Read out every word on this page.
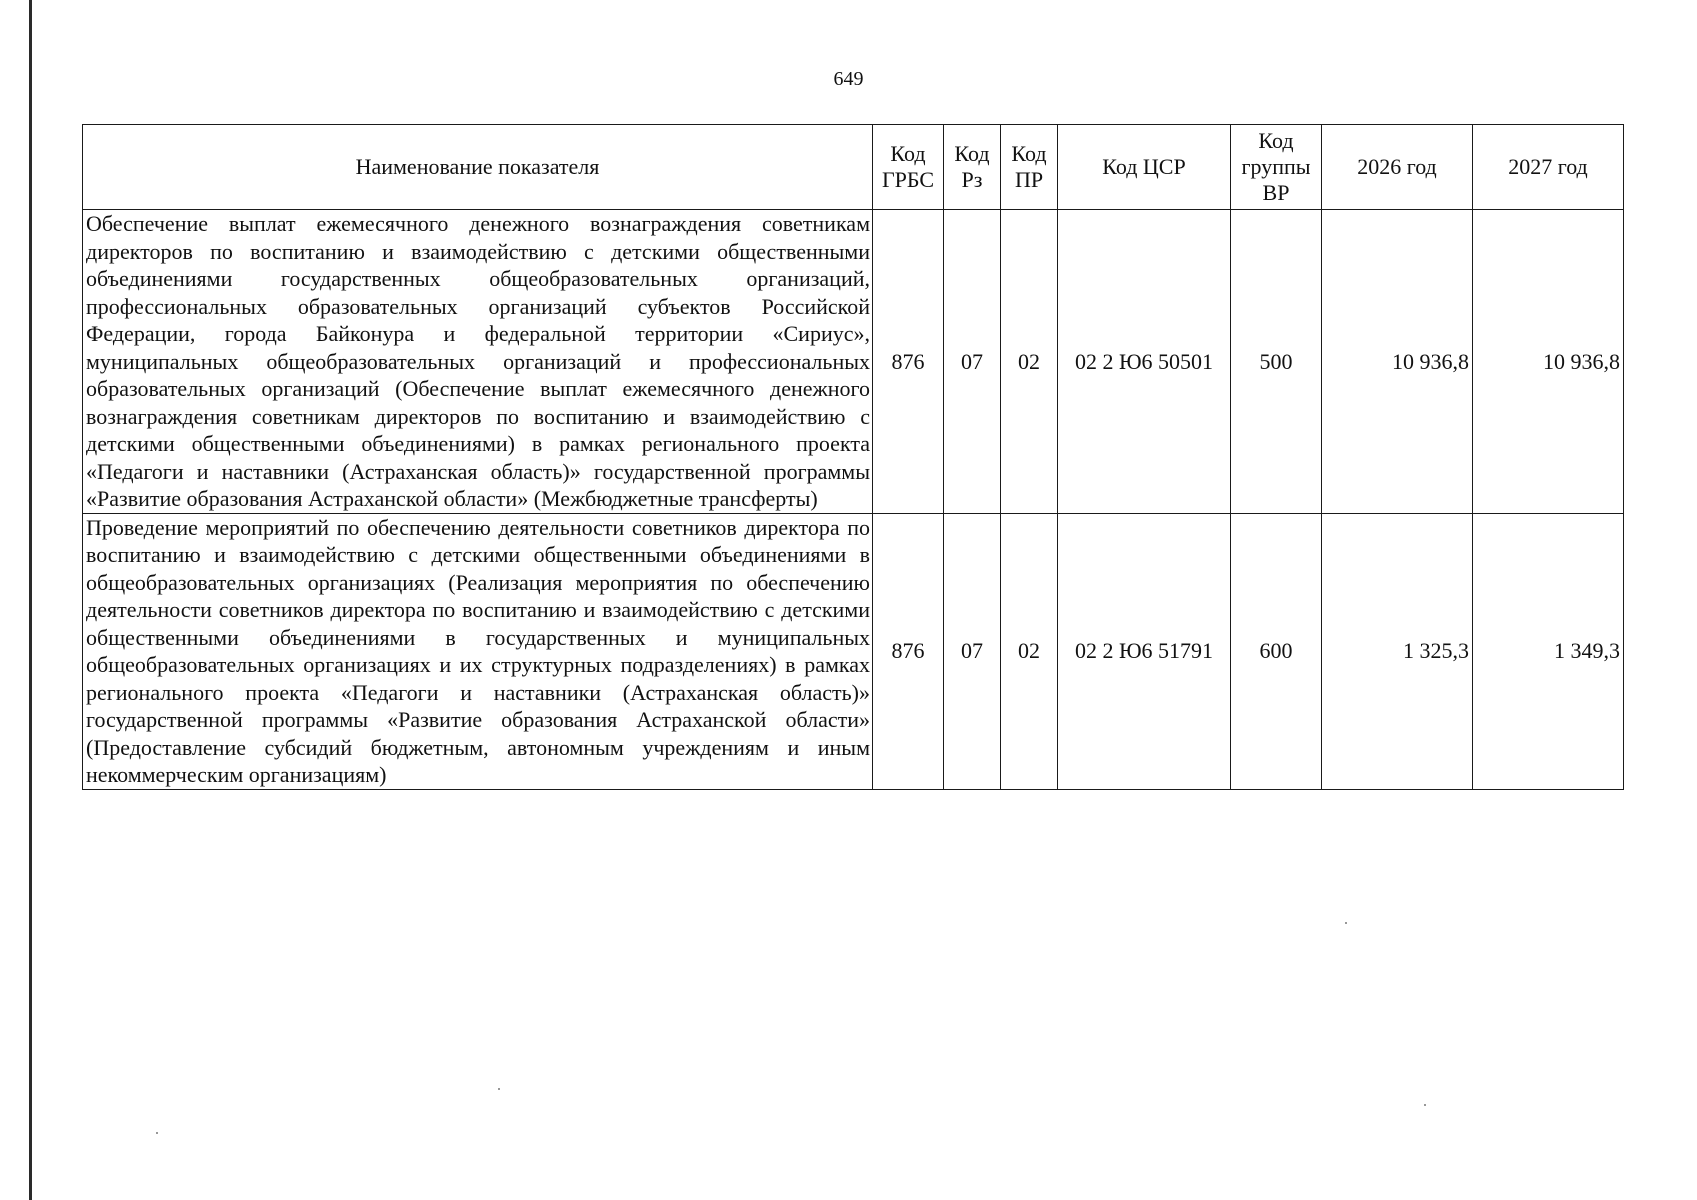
649
Наименование показателя	Код ГРБС	Код Рз	Код ПР	Код ЦСР	Код группы ВР	2026 год	2027 год
Обеспечение выплат ежемесячного денежного вознаграждения советникам директоров по воспитанию и взаимодействию с детскими общественными объединениями государственных общеобразовательных организаций, профессиональных образовательных организаций субъектов Российской Федерации, города Байконура и федеральной территории «Сириус», муниципальных общеобразовательных организаций и профессиональных образовательных организаций (Обеспечение выплат ежемесячного денежного вознаграждения советникам директоров по воспитанию и взаимодействию с детскими общественными объединениями) в рамках регионального проекта «Педагоги и наставники (Астраханская область)» государственной программы «Развитие образования Астраханской области» (Межбюджетные трансферты)	876	07	02	02 2 Ю6 50501	500	10 936,8	10 936,8
Проведение мероприятий по обеспечению деятельности советников директора по воспитанию и взаимодействию с детскими общественными объединениями в общеобразовательных организациях (Реализация мероприятия по обеспечению деятельности советников директора по воспитанию и взаимодействию с детскими общественными объединениями в государственных и муниципальных общеобразовательных организациях и их структурных подразделениях) в рамках регионального проекта «Педагоги и наставники (Астраханская область)» государственной программы «Развитие образования Астраханской области» (Предоставление субсидий бюджетным, автономным учреждениям и иным некоммерческим организациям)	876	07	02	02 2 Ю6 51791	600	1 325,3	1 349,3
